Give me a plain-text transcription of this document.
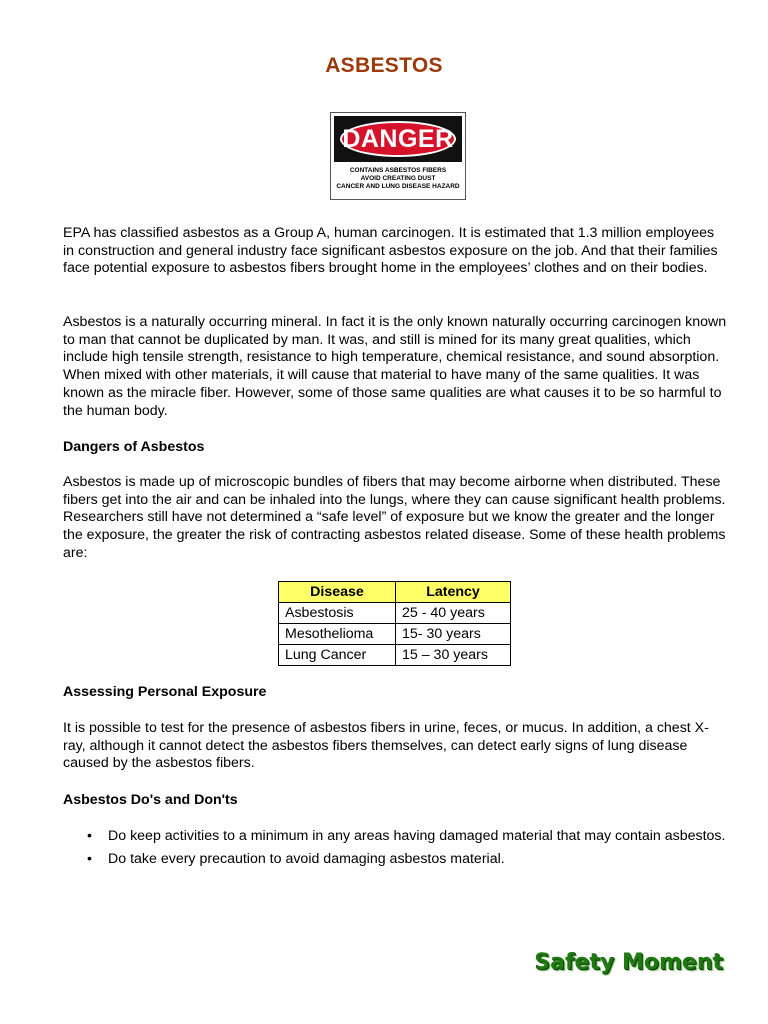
ASBESTOS
DANGER
CONTAINS ASBESTOS FIBERS
AVOID CREATING DUST
CANCER AND LUNG DISEASE HAZARD

EPA has classified asbestos as a Group A, human carcinogen. It is estimated that 1.3 million employees in construction and general industry face significant asbestos exposure on the job. And that their families face potential exposure to asbestos fibers brought home in the employees’ clothes and on their bodies.

Asbestos is a naturally occurring mineral. In fact it is the only known naturally occurring carcinogen known to man that cannot be duplicated by man. It was, and still is mined for its many great qualities, which include high tensile strength, resistance to high temperature, chemical resistance, and sound absorption. When mixed with other materials, it will cause that material to have many of the same qualities. It was known as the miracle fiber. However, some of those same qualities are what causes it to be so harmful to the human body.

Dangers of Asbestos

Asbestos is made up of microscopic bundles of fibers that may become airborne when distributed. These fibers get into the air and can be inhaled into the lungs, where they can cause significant health problems. Researchers still have not determined a “safe level” of exposure but we know the greater and the longer the exposure, the greater the risk of contracting asbestos related disease. Some of these health problems are:

Disease	Latency
Asbestosis	25 - 40 years
Mesothelioma	15- 30 years
Lung Cancer	15 – 30 years

Assessing Personal Exposure

It is possible to test for the presence of asbestos fibers in urine, feces, or mucus. In addition, a chest X-ray, although it cannot detect the asbestos fibers themselves, can detect early signs of lung disease caused by the asbestos fibers.

Asbestos Do's and Don'ts

• Do keep activities to a minimum in any areas having damaged material that may contain asbestos.
• Do take every precaution to avoid damaging asbestos material.
Safety Moment
